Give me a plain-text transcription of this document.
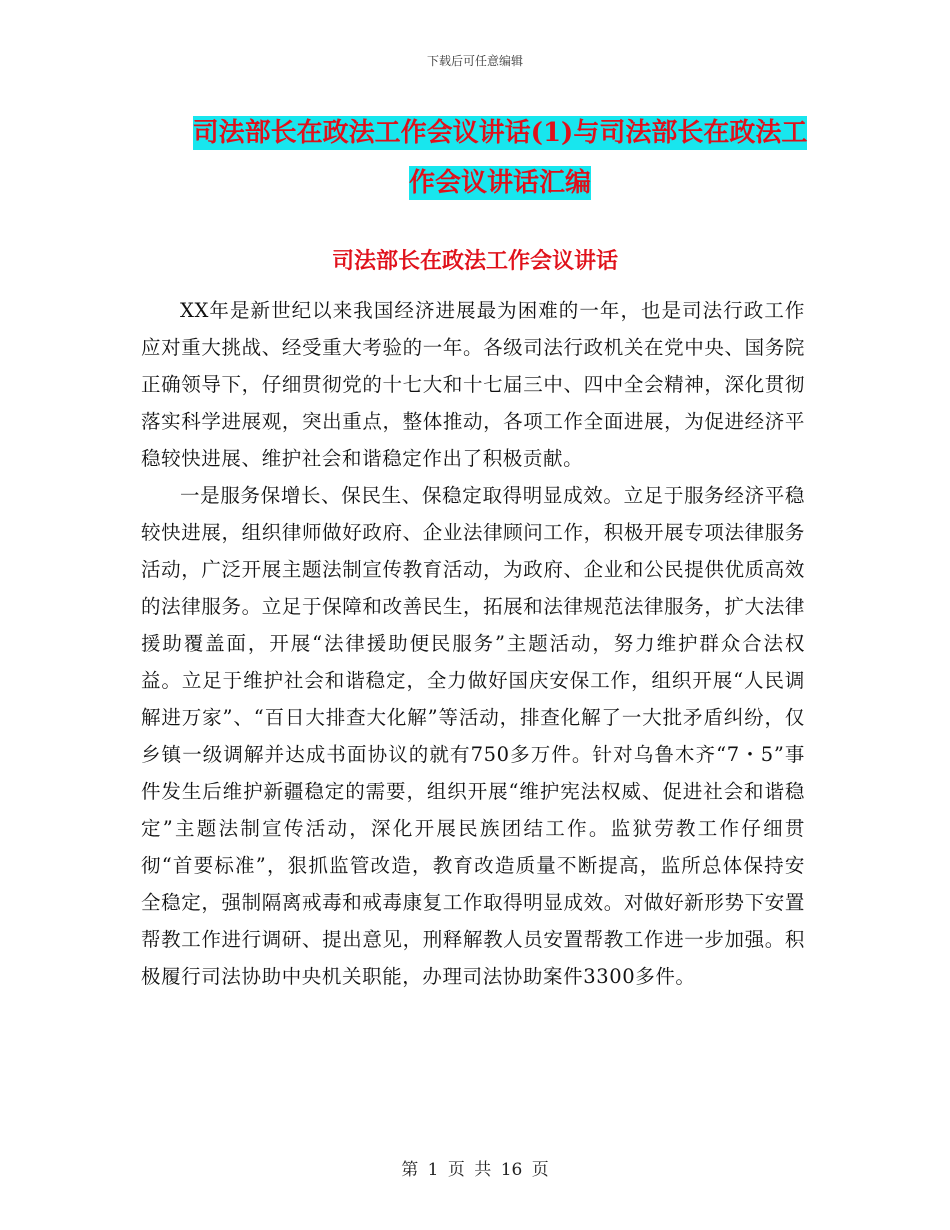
下载后可任意编辑
司法部长在政法工作会议讲话(1)与司法部长在政法工
作会议讲话汇编
司法部长在政法工作会议讲话

XX年是新世纪以来我国经济进展最为困难的一年，也是司法行政工作应对重大挑战、经受重大考验的一年。各级司法行政机关在党中央、国务院正确领导下，仔细贯彻党的十七大和十七届三中、四中全会精神，深化贯彻落实科学进展观，突出重点，整体推动，各项工作全面进展，为促进经济平稳较快进展、维护社会和谐稳定作出了积极贡献。

一是服务保增长、保民生、保稳定取得明显成效。立足于服务经济平稳较快进展，组织律师做好政府、企业法律顾问工作，积极开展专项法律服务活动，广泛开展主题法制宣传教育活动，为政府、企业和公民提供优质高效的法律服务。立足于保障和改善民生，拓展和法律规范法律服务，扩大法律援助覆盖面，开展“法律援助便民服务”主题活动，努力维护群众合法权益。立足于维护社会和谐稳定，全力做好国庆安保工作，组织开展“人民调解进万家”、“百日大排查大化解”等活动，排查化解了一大批矛盾纠纷，仅乡镇一级调解并达成书面协议的就有750多万件。针对乌鲁木齐“7・5”事件发生后维护新疆稳定的需要，组织开展“维护宪法权威、促进社会和谐稳定”主题法制宣传活动，深化开展民族团结工作。监狱劳教工作仔细贯彻“首要标准”，狠抓监管改造，教育改造质量不断提高，监所总体保持安全稳定，强制隔离戒毒和戒毒康复工作取得明显成效。对做好新形势下安置帮教工作进行调研、提出意见，刑释解教人员安置帮教工作进一步加强。积极履行司法协助中央机关职能，办理司法协助案件3300多件。

第 1 页 共 16 页
